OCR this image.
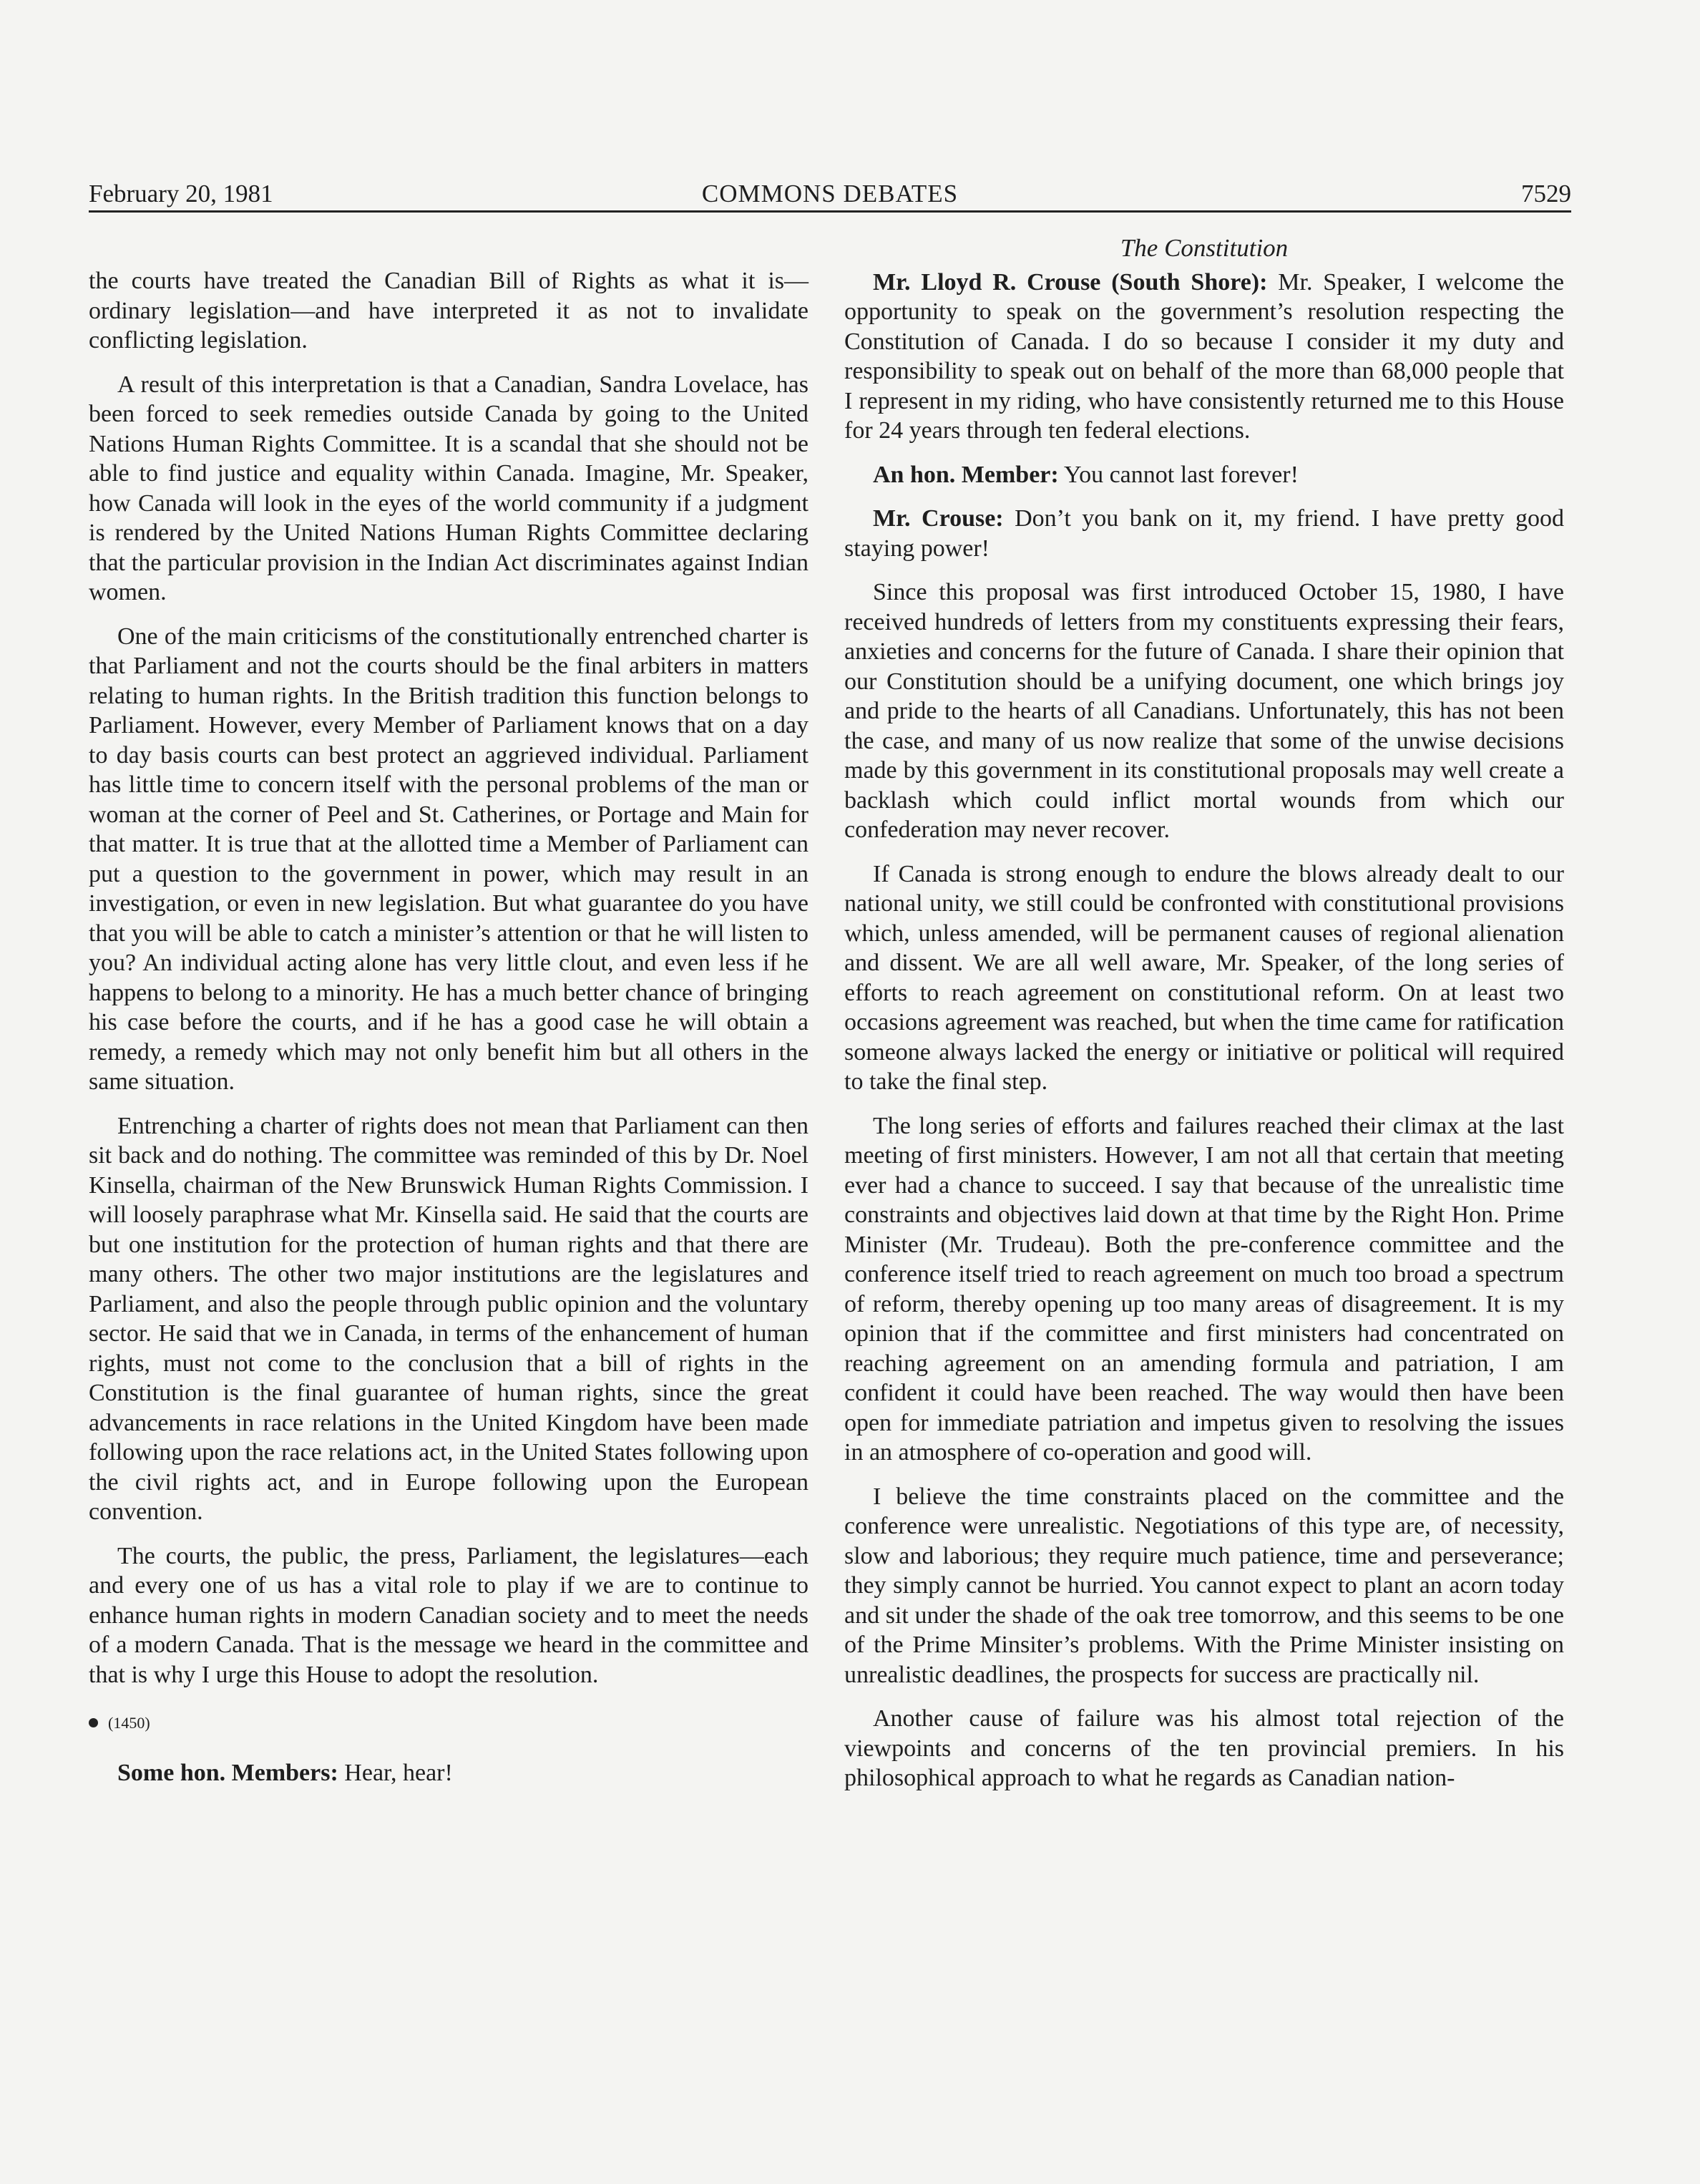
February 20, 1981	COMMONS DEBATES	7529

the courts have treated the Canadian Bill of Rights as what it is—ordinary legislation—and have interpreted it as not to invalidate conflicting legislation.

A result of this interpretation is that a Canadian, Sandra Lovelace, has been forced to seek remedies outside Canada by going to the United Nations Human Rights Committee. It is a scandal that she should not be able to find justice and equality within Canada. Imagine, Mr. Speaker, how Canada will look in the eyes of the world community if a judgment is rendered by the United Nations Human Rights Committee declaring that the particular provision in the Indian Act discriminates against Indian women.

One of the main criticisms of the constitutionally entrenched charter is that Parliament and not the courts should be the final arbiters in matters relating to human rights. In the British tradition this function belongs to Parliament. However, every Member of Parliament knows that on a day to day basis courts can best protect an aggrieved individual. Parliament has little time to concern itself with the personal problems of the man or woman at the corner of Peel and St. Catherines, or Portage and Main for that matter. It is true that at the allotted time a Member of Parliament can put a question to the government in power, which may result in an investigation, or even in new legislation. But what guarantee do you have that you will be able to catch a minister’s attention or that he will listen to you? An individual acting alone has very little clout, and even less if he happens to belong to a minority. He has a much better chance of bringing his case before the courts, and if he has a good case he will obtain a remedy, a remedy which may not only benefit him but all others in the same situation.

Entrenching a charter of rights does not mean that Parliament can then sit back and do nothing. The committee was reminded of this by Dr. Noel Kinsella, chairman of the New Brunswick Human Rights Commission. I will loosely paraphrase what Mr. Kinsella said. He said that the courts are but one institution for the protection of human rights and that there are many others. The other two major institutions are the legislatures and Parliament, and also the people through public opinion and the voluntary sector. He said that we in Canada, in terms of the enhancement of human rights, must not come to the conclusion that a bill of rights in the Constitution is the final guarantee of human rights, since the great advancements in race relations in the United Kingdom have been made following upon the race relations act, in the United States following upon the civil rights act, and in Europe following upon the European convention.

The courts, the public, the press, Parliament, the legislatures—each and every one of us has a vital role to play if we are to continue to enhance human rights in modern Canadian society and to meet the needs of a modern Canada. That is the message we heard in the committee and that is why I urge this House to adopt the resolution.

(1450)

Some hon. Members: Hear, hear!

The Constitution

Mr. Lloyd R. Crouse (South Shore): Mr. Speaker, I welcome the opportunity to speak on the government’s resolution respecting the Constitution of Canada. I do so because I consider it my duty and responsibility to speak out on behalf of the more than 68,000 people that I represent in my riding, who have consistently returned me to this House for 24 years through ten federal elections.

An hon. Member: You cannot last forever!

Mr. Crouse: Don’t you bank on it, my friend. I have pretty good staying power!

Since this proposal was first introduced October 15, 1980, I have received hundreds of letters from my constituents expressing their fears, anxieties and concerns for the future of Canada. I share their opinion that our Constitution should be a unifying document, one which brings joy and pride to the hearts of all Canadians. Unfortunately, this has not been the case, and many of us now realize that some of the unwise decisions made by this government in its constitutional proposals may well create a backlash which could inflict mortal wounds from which our confederation may never recover.

If Canada is strong enough to endure the blows already dealt to our national unity, we still could be confronted with constitutional provisions which, unless amended, will be permanent causes of regional alienation and dissent. We are all well aware, Mr. Speaker, of the long series of efforts to reach agreement on constitutional reform. On at least two occasions agreement was reached, but when the time came for ratification someone always lacked the energy or initiative or political will required to take the final step.

The long series of efforts and failures reached their climax at the last meeting of first ministers. However, I am not all that certain that meeting ever had a chance to succeed. I say that because of the unrealistic time constraints and objectives laid down at that time by the Right Hon. Prime Minister (Mr. Trudeau). Both the pre-conference committee and the conference itself tried to reach agreement on much too broad a spectrum of reform, thereby opening up too many areas of disagreement. It is my opinion that if the committee and first ministers had concentrated on reaching agreement on an amending formula and patriation, I am confident it could have been reached. The way would then have been open for immediate patriation and impetus given to resolving the issues in an atmosphere of co-operation and good will.

I believe the time constraints placed on the committee and the conference were unrealistic. Negotiations of this type are, of necessity, slow and laborious; they require much patience, time and perseverance; they simply cannot be hurried. You cannot expect to plant an acorn today and sit under the shade of the oak tree tomorrow, and this seems to be one of the Prime Minsiter’s problems. With the Prime Minister insisting on unrealistic deadlines, the prospects for success are practically nil.

Another cause of failure was his almost total rejection of the viewpoints and concerns of the ten provincial premiers. In his philosophical approach to what he regards as Canadian nation-
